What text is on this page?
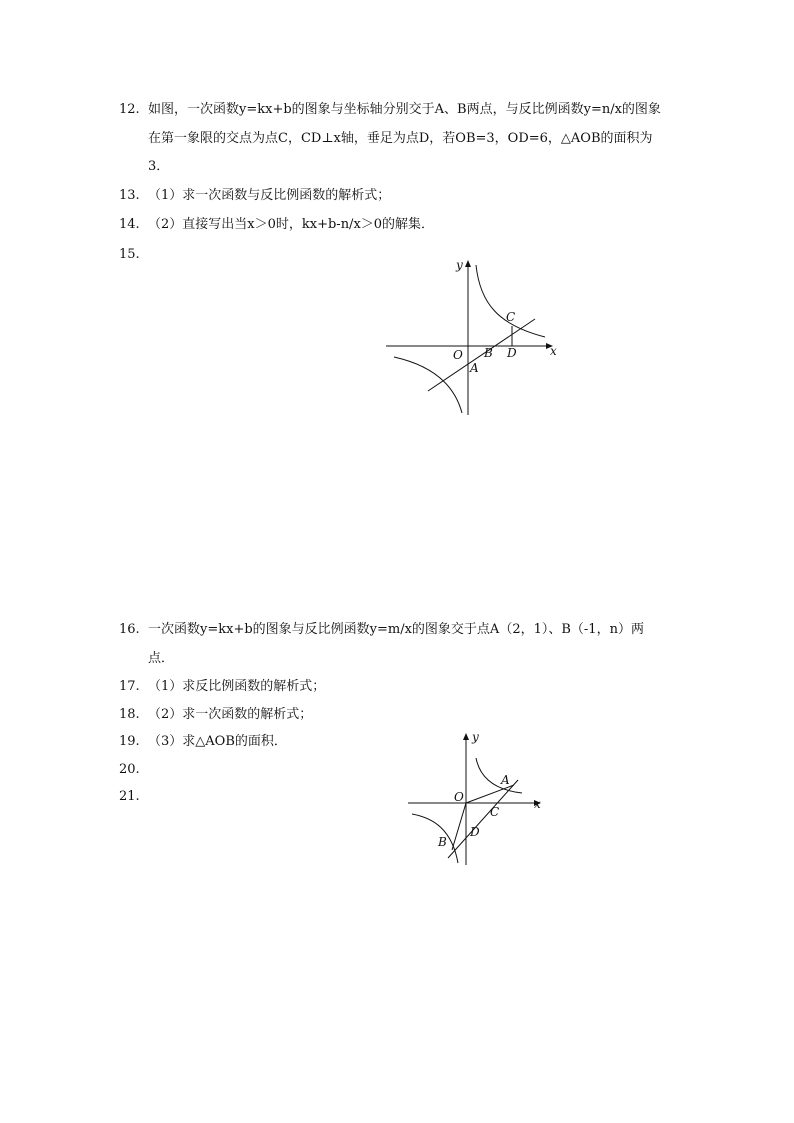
12. 如图，一次函数y=kx+b的图象与坐标轴分别交于A、B两点，与反比例函数y=n/x的图象
在第一象限的交点为点C，CD⊥x轴，垂足为点D，若OB=3，OD=6，△AOB的面积为
3．
13. （1）求一次函数与反比例函数的解析式；
14. （2）直接写出当x＞0时，kx+b-n/x＞0的解集．
15.
y
x
O B D
C
A
16. 一次函数y=kx+b的图象与反比例函数y=m/x的图象交于点A（2，1）、B（-1，n）两
点．
17. （1）求反比例函数的解析式；
18. （2）求一次函数的解析式；
19. （3）求△AOB的面积．
20.
21.
y
x
O
A
C
D
B
